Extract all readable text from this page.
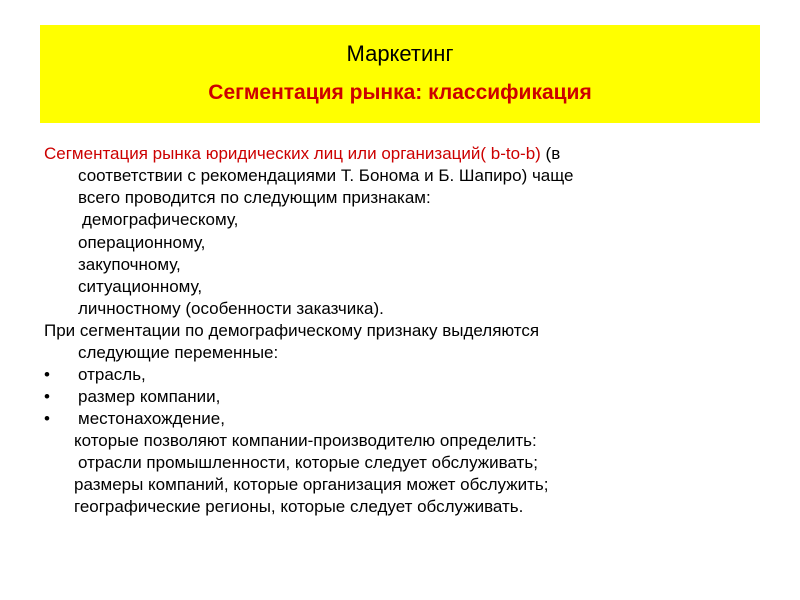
Маркетинг
Сегментация рынка: классификация
Сегментация рынка юридических лиц или организаций( b-to-b) (в
соответствии с рекомендациями Т. Бонома и Б. Шапиро) чаще
всего проводится по следующим признакам:
демографическому,
операционному,
закупочному,
ситуационному,
личностному (особенности заказчика).
При сегментации по демографическому признаку выделяются
следующие переменные:
• отрасль,
• размер компании,
• местонахождение,
которые позволяют компании-производителю определить:
отрасли промышленности, которые следует обслуживать;
размеры компаний, которые организация может обслужить;
географические регионы, которые следует обслуживать.
